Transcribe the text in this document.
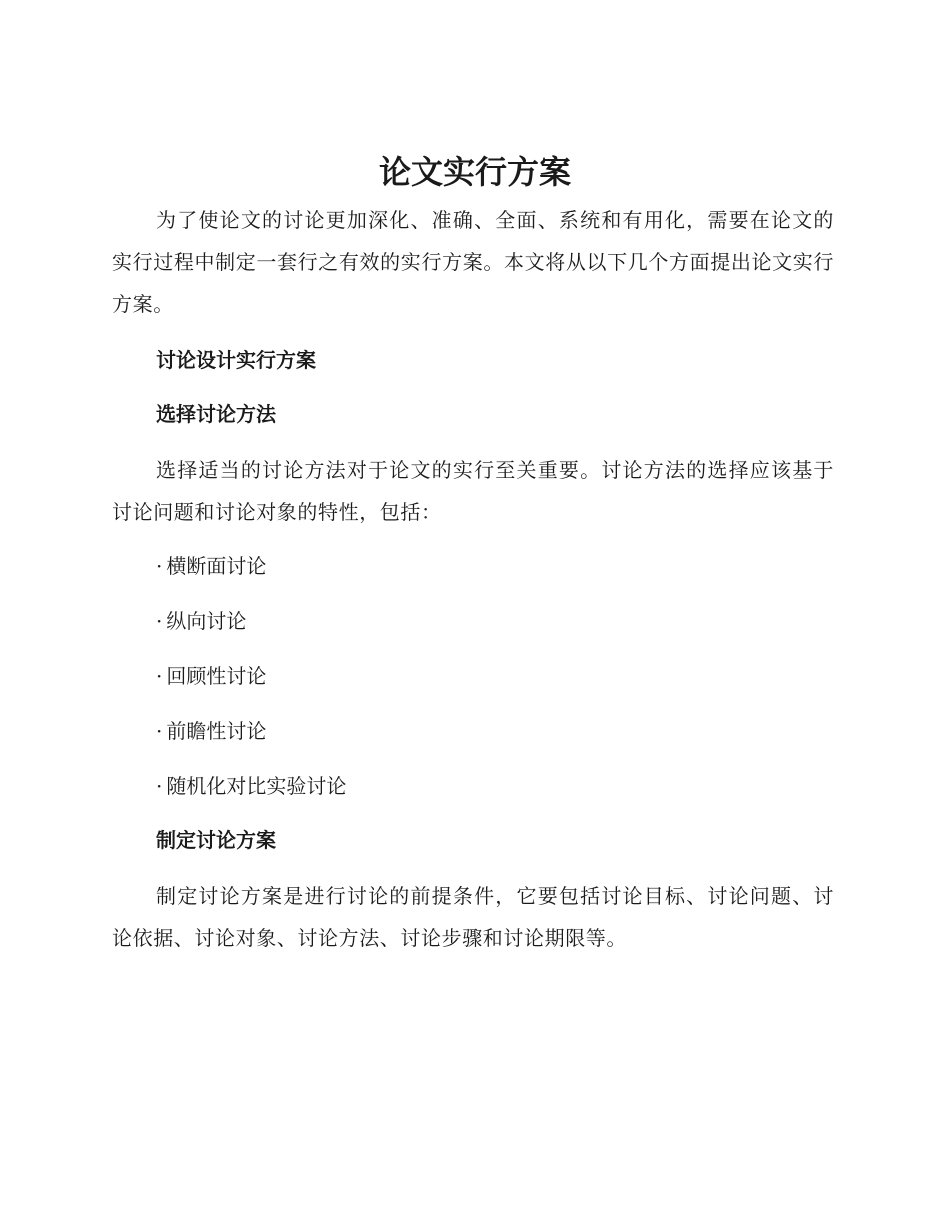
论文实行方案

为了使论文的讨论更加深化、准确、全面、系统和有用化，需要在论文的实行过程中制定一套行之有效的实行方案。本文将从以下几个方面提出论文实行方案。

讨论设计实行方案
选择讨论方法

选择适当的讨论方法对于论文的实行至关重要。讨论方法的选择应该基于讨论问题和讨论对象的特性，包括：

· 横断面讨论
· 纵向讨论
· 回顾性讨论
· 前瞻性讨论
· 随机化对比实验讨论
制定讨论方案

制定讨论方案是进行讨论的前提条件，它要包括讨论目标、讨论问题、讨论依据、讨论对象、讨论方法、讨论步骤和讨论期限等。
